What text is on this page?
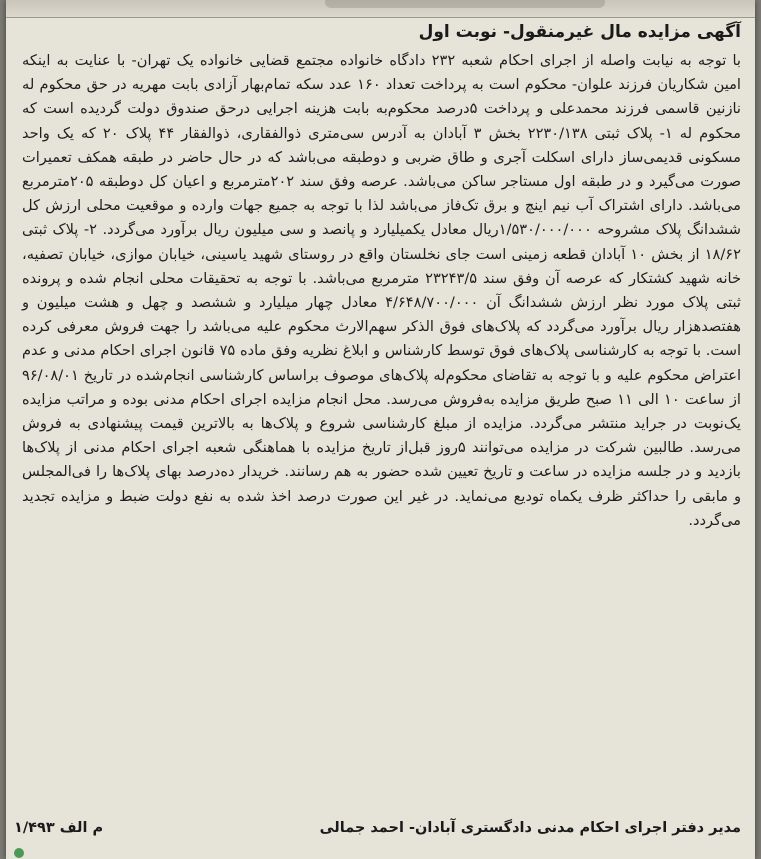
آگهی مزایده مال غیرمنقول- نوبت اول
با توجه به نیابت واصله از اجرای احکام شعبه ۲۳۲ دادگاه خانواده مجتمع قضایی خانواده یک تهران- با عنایت به اینکه امین شکاریان فرزند علوان- محکوم است به پرداخت تعداد ۱۶۰ عدد سکه تمام‌بهار آزادی بابت مهریه در حق محکوم له نازنین قاسمی فرزند محمدعلی و پرداخت ۵درصد محکوم‌به بابت هزینه اجرایی درحق صندوق دولت گردیده است که محکوم له ۱- پلاک ثبتی ۲۲۳۰/۱۳۸ بخش ۳ آبادان به آدرس سی‌متری ذوالفقاری، ذوالفقار ۴۴ پلاک ۲۰ که یک واحد مسکونی قدیمی‌ساز دارای اسکلت آجری و طاق ضربی و دوطبقه می‌باشد که در حال حاضر در طبقه همکف تعمیرات صورت می‌گیرد و در طبقه اول مستاجر ساکن می‌باشد. عرصه وفق سند ۲۰۲مترمربع و اعیان کل دوطبقه ۲۰۵مترمربع می‌باشد. دارای اشتراک آب نیم اینچ و برق تک‌فاز می‌باشد لذا با توجه به جمیع جهات وارده و موقعیت محلی ارزش کل ششدانگ پلاک مشروحه ۱/۵۳۰/۰۰۰/۰۰۰ریال معادل یکمیلیارد و پانصد و سی میلیون ریال برآورد می‌گردد. ۲- پلاک ثبتی ۱۸/۶۲ از بخش ۱۰ آبادان قطعه زمینی است جای نخلستان واقع در روستای شهید یاسینی، خیابان موازی، خیابان تصفیه، خانه شهید کشتکار که عرصه آن وفق سند ۲۳۲۴۳/۵ مترمربع می‌باشد. با توجه به تحقیقات محلی انجام شده و پرونده ثبتی پلاک مورد نظر ارزش ششدانگ آن ۴/۶۴۸/۷۰۰/۰۰۰ معادل چهار میلیارد و ششصد و چهل و هشت میلیون و هفتصدهزار ریال برآورد می‌گردد که پلاک‌های فوق الذکر سهم‌الارث محکوم علیه می‌باشد را جهت فروش معرفی کرده است. با توجه به کارشناسی پلاک‌های فوق توسط کارشناس و ابلاغ نظریه وفق ماده ۷۵ قانون اجرای احکام مدنی و عدم اعتراض محکوم علیه و با توجه به تقاضای محکوم‌له پلاک‌های موصوف براساس کارشناسی انجام‌شده در تاریخ ۹۶/۰۸/۰۱ از ساعت ۱۰ الی ۱۱ صبح طریق مزایده به‌فروش می‌رسد. محل انجام مزایده اجرای احکام مدنی بوده و مراتب مزایده یک‌نوبت در جراید منتشر می‌گردد. مزایده از مبلغ کارشناسی شروع و پلاک‌ها به بالاترین قیمت پیشنهادی به فروش می‌رسد. طالبین شرکت در مزایده می‌توانند ۵روز قبل‌از تاریخ مزایده با هماهنگی شعبه اجرای احکام مدنی از پلاک‌ها بازدید و در جلسه مزایده در ساعت و تاریخ تعیین شده حضور به هم رسانند. خریدار ده‌درصد بهای پلاک‌ها را فی‌المجلس و مابقی را حداکثر ظرف یکماه تودیع می‌نماید. در غیر این صورت درصد اخذ شده به نفع دولت ضبط و مزایده تجدید می‌گردد.
مدیر دفتر اجرای احکام مدنی دادگستری آبادان- احمد جمالی
م الف ۱/۴۹۳
